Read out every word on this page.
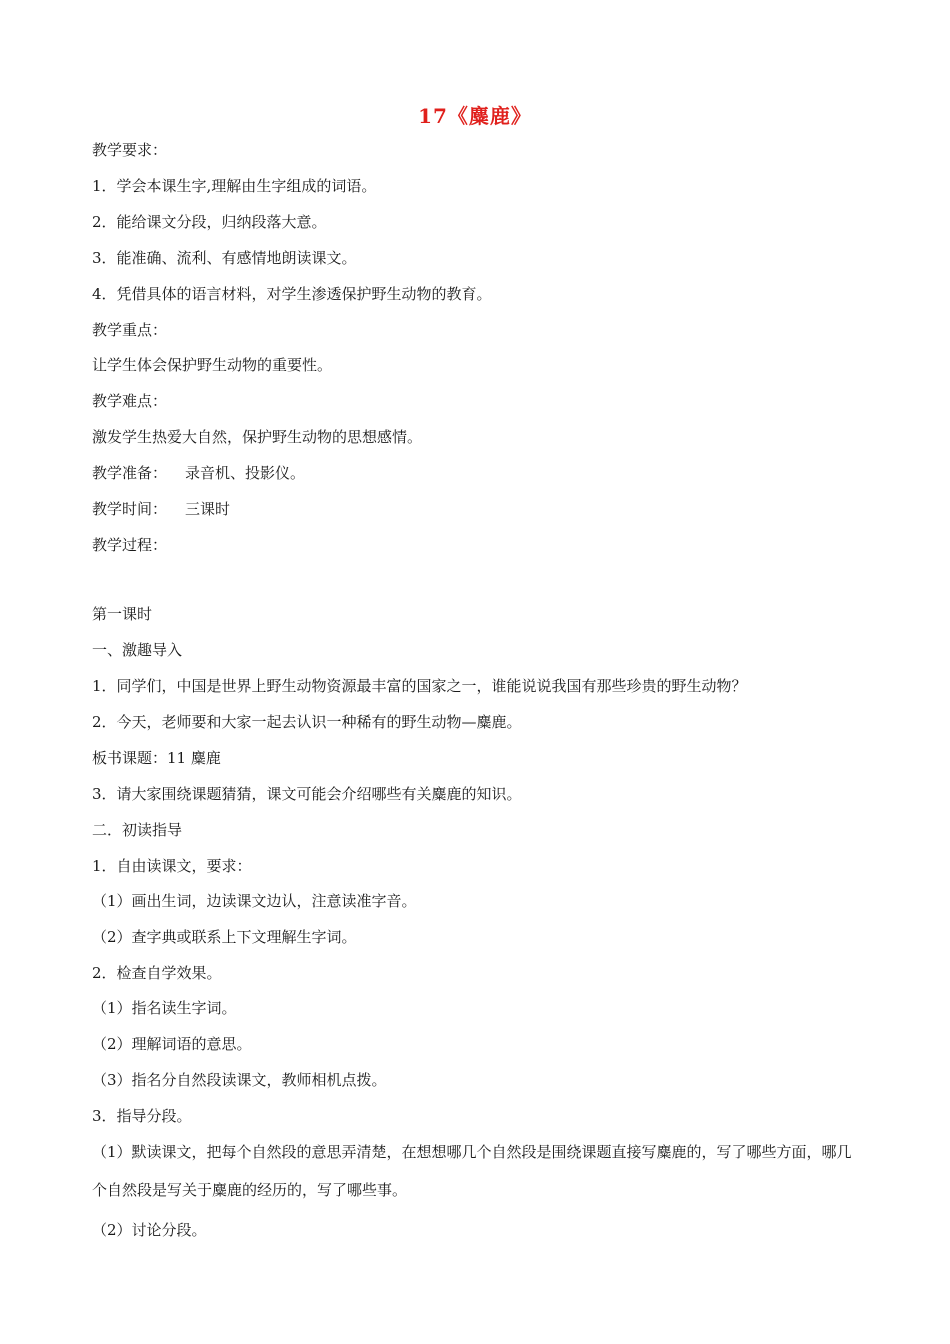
17《麋鹿》
教学要求：
1．学会本课生字,理解由生字组成的词语。
2．能给课文分段，归纳段落大意。
3．能准确、流利、有感情地朗读课文。
4．凭借具体的语言材料，对学生渗透保护野生动物的教育。
教学重点：
让学生体会保护野生动物的重要性。
教学难点：
激发学生热爱大自然，保护野生动物的思想感情。
教学准备： 录音机、投影仪。
教学时间： 三课时
教学过程：
第一课时
一、激趣导入
1．同学们，中国是世界上野生动物资源最丰富的国家之一，谁能说说我国有那些珍贵的野生动物？
2．今天，老师要和大家一起去认识一种稀有的野生动物—麋鹿。
板书课题：11 麋鹿
3．请大家围绕课题猜猜，课文可能会介绍哪些有关麋鹿的知识。
二．初读指导
1．自由读课文，要求：
（1）画出生词，边读课文边认，注意读准字音。
（2）查字典或联系上下文理解生字词。
2．检查自学效果。
（1）指名读生字词。
（2）理解词语的意思。
（3）指名分自然段读课文，教师相机点拨。
3．指导分段。
（1）默读课文，把每个自然段的意思弄清楚，在想想哪几个自然段是围绕课题直接写麋鹿的，写了哪些方面，哪几个自然段是写关于麋鹿的经历的，写了哪些事。
（2）讨论分段。
